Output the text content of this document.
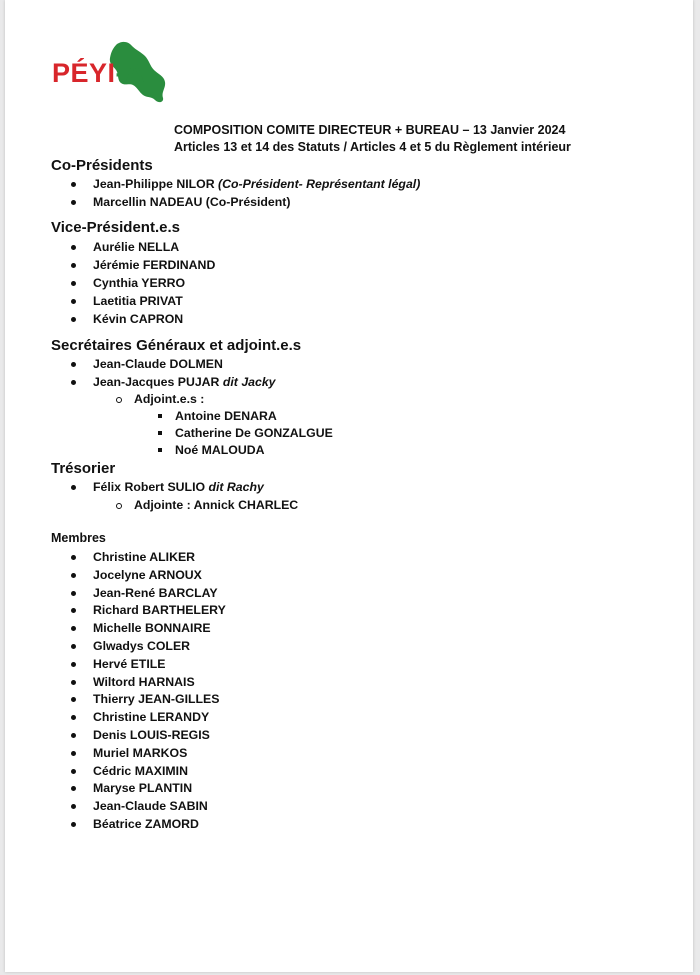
PÉYI-A
COMPOSITION COMITE DIRECTEUR + BUREAU – 13 Janvier 2024
Articles 13 et 14 des Statuts / Articles 4 et 5 du Règlement intérieur
Co-Présidents
Jean-Philippe NILOR (Co-Président- Représentant légal)
Marcellin NADEAU (Co-Président)
Vice-Président.e.s
Aurélie NELLA
Jérémie FERDINAND
Cynthia YERRO
Laetitia PRIVAT
Kévin CAPRON
Secrétaires Généraux et adjoint.e.s
Jean-Claude DOLMEN
Jean-Jacques PUJAR dit Jacky
Adjoint.e.s :
Antoine DENARA
Catherine De GONZALGUE
Noé MALOUDA
Trésorier
Félix Robert SULIO dit Rachy
Adjointe : Annick CHARLEC
Membres
Christine ALIKER
Jocelyne ARNOUX
Jean-René BARCLAY
Richard BARTHELERY
Michelle BONNAIRE
Glwadys COLER
Hervé ETILE
Wiltord HARNAIS
Thierry JEAN-GILLES
Christine LERANDY
Denis LOUIS-REGIS
Muriel MARKOS
Cédric MAXIMIN
Maryse PLANTIN
Jean-Claude SABIN
Béatrice ZAMORD
